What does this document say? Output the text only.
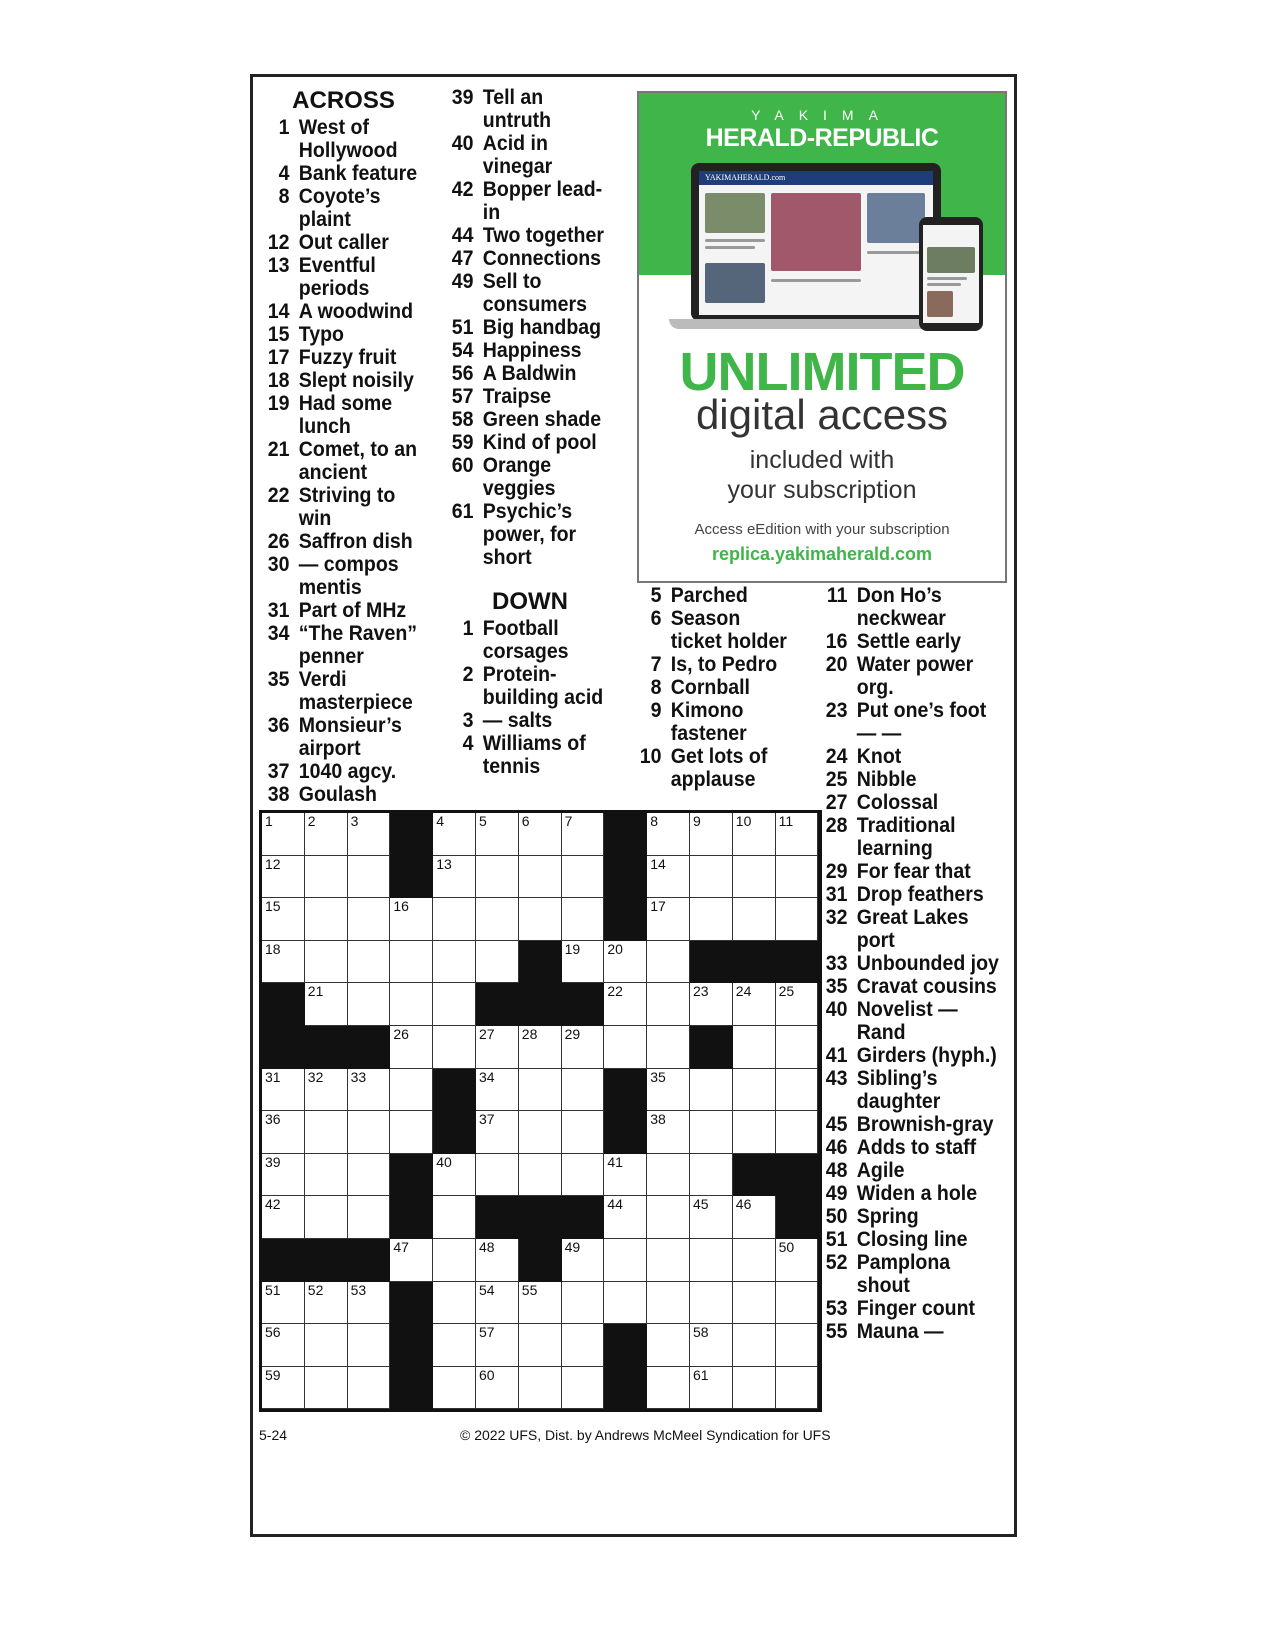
ACROSS
1 West of Hollywood
4 Bank feature
8 Coyote’s plaint
12 Out caller
13 Eventful periods
14 A woodwind
15 Typo
17 Fuzzy fruit
18 Slept noisily
19 Had some lunch
21 Comet, to an ancient
22 Striving to win
26 Saffron dish
30 — compos mentis
31 Part of MHz
34 “The Raven” penner
35 Verdi masterpiece
36 Monsieur’s airport
37 1040 agcy.
38 Goulash
39 Tell an untruth
40 Acid in vinegar
42 Bopper lead-in
44 Two together
47 Connections
49 Sell to consumers
51 Big handbag
54 Happiness
56 A Baldwin
57 Traipse
58 Green shade
59 Kind of pool
60 Orange veggies
61 Psychic’s power, for short
DOWN
1 Football corsages
2 Protein-building acid
3 — salts
4 Williams of tennis
5 Parched
6 Season ticket holder
7 Is, to Pedro
8 Cornball
9 Kimono fastener
10 Get lots of applause
11 Don Ho’s neckwear
16 Settle early
20 Water power org.
23 Put one’s foot — —
24 Knot
25 Nibble
27 Colossal
28 Traditional learning
29 For fear that
31 Drop feathers
32 Great Lakes port
33 Unbounded joy
35 Cravat cousins
40 Novelist — Rand
41 Girders (hyph.)
43 Sibling’s daughter
45 Brownish-gray
46 Adds to staff
48 Agile
49 Widen a hole
50 Spring
51 Closing line
52 Pamplona shout
53 Finger count
55 Mauna —
YAKIMA
HERALD-REPUBLIC
YAKIMAHERALD.com
UNLIMITED
digital access
included with
your subscription
Access eEdition with your subscription
replica.yakimaherald.com
1	2	3	4	5	6	7	8	9	10 11
12	13	14
15	16	17
18	19 20
21	22	23 24 25
26	27 28 29
31 32 33	34	35
36	37	38
39	40	41
42	44	45 46
47	48	49	50
51 52 53	54 55
56	57	58
59	60	61
5-24	© 2022 UFS, Dist. by Andrews McMeel Syndication for UFS
